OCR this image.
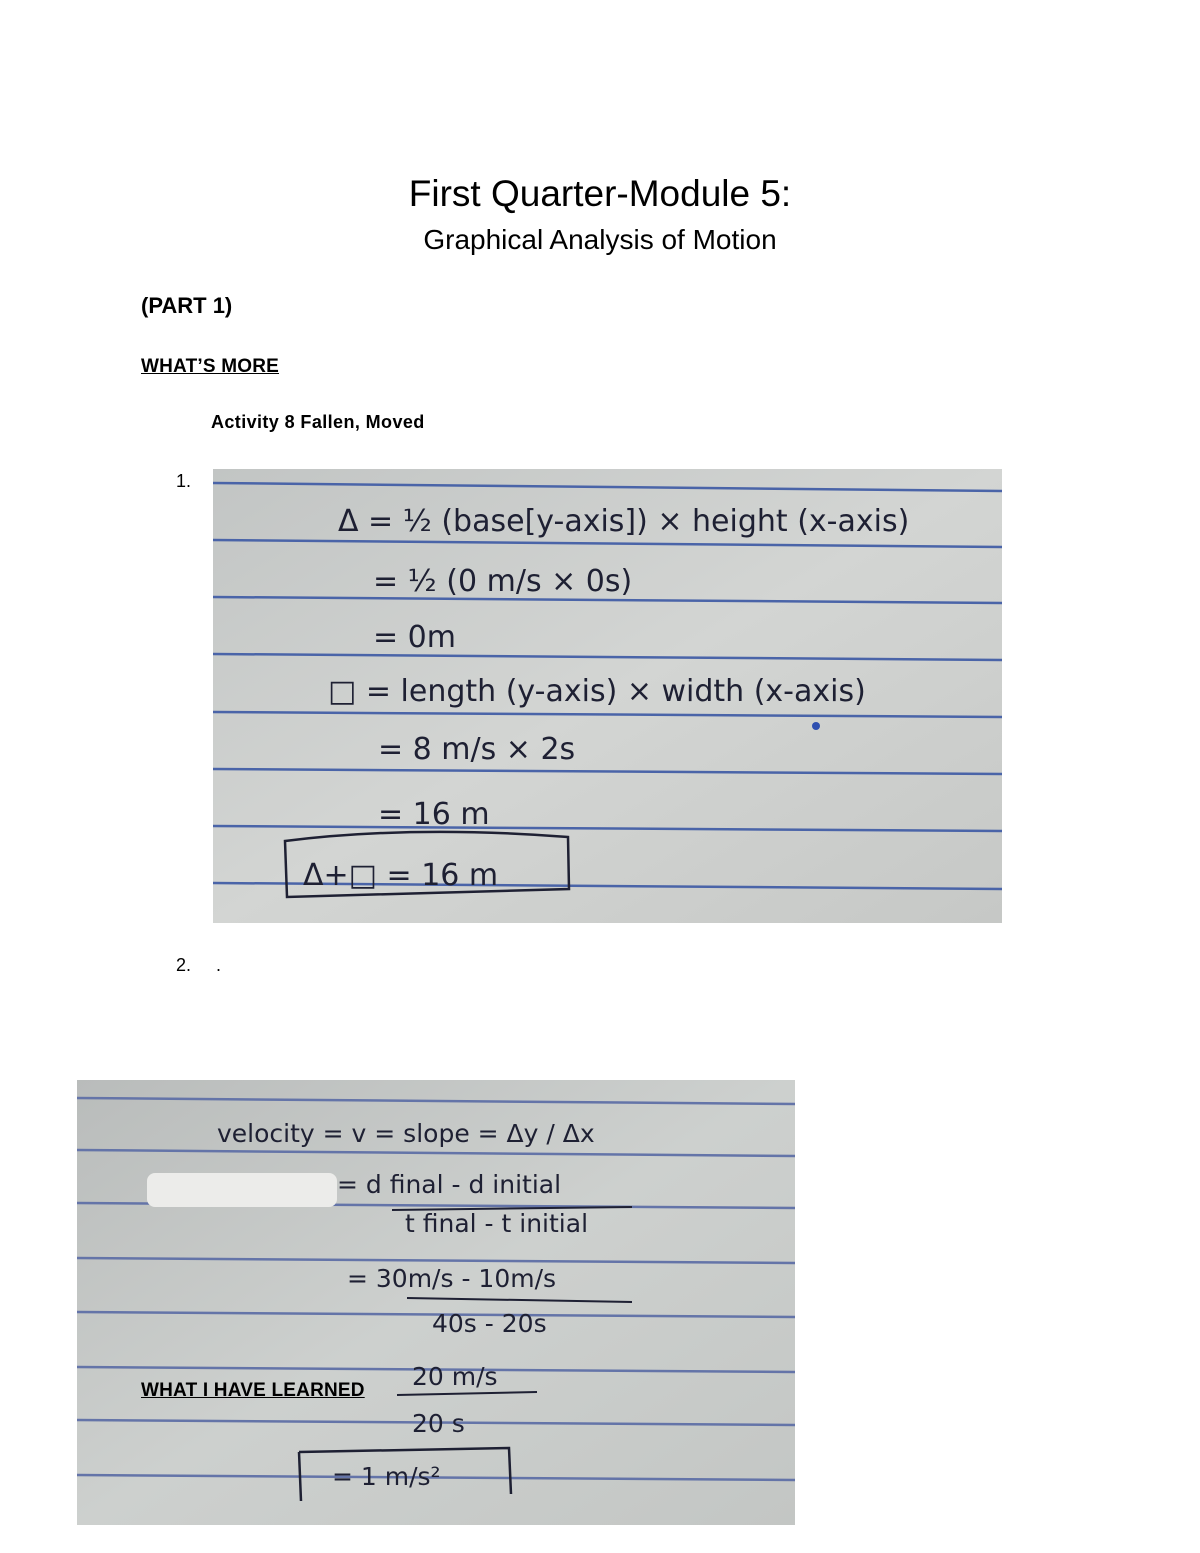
First Quarter-Module 5:
Graphical Analysis of Motion
(PART 1)
WHAT’S MORE
Activity 8 Fallen, Moved
1.
Δ = ½ (base[y-axis]) × height (x-axis)
= ½ (0 m/s × 0s)
= 0m
□ = length (y-axis) × width (x-axis)
= 8 m/s × 2s
= 16 m
Δ+□ = 16 m
2. .
velocity = v = slope = Δy / Δx
= d final - d initial
t final - t initial
= 30m/s - 10m/s
40s - 20s
20 m/s
20 s
= 1 m/s²
WHAT I HAVE LEARNED
